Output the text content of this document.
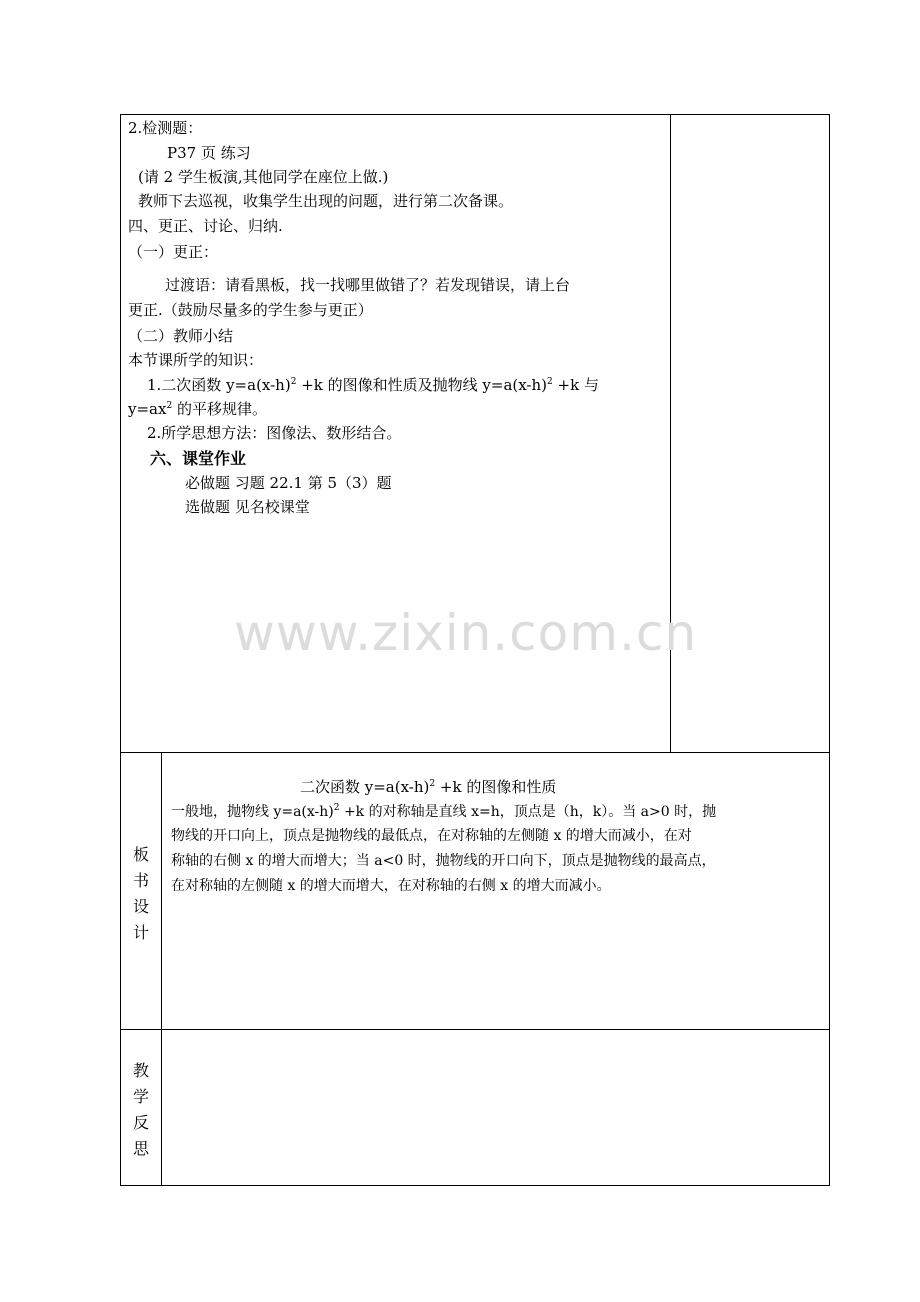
2.检测题：
P37 页 练习
(请 2 学生板演,其他同学在座位上做.)
教师下去巡视，收集学生出现的问题，进行第二次备课。
四、更正、讨论、归纳.
（一）更正：
过渡语：请看黑板，找一找哪里做错了？若发现错误，请上台
更正.（鼓励尽量多的学生参与更正）
（二）教师小结
本节课所学的知识：
1.二次函数 $y=a(x-h)^2 +k$ 的图像和性质及抛物线 $y=a(x-h)^2 +k$ 与
$y=ax^2$ 的平移规律。
2.所学思想方法：图像法、数形结合。
六、课堂作业
必做题 习题 22.1 第 5（3）题
选做题 见名校课堂
板
书
设
计
二次函数 $y=a(x-h)^2 +k$ 的图像和性质
一般地，抛物线 $y=a(x-h)^2 +k$ 的对称轴是直线 x=h，顶点是（h，k）。当 a>0 时，抛
物线的开口向上，顶点是抛物线的最低点，在对称轴的左侧随 x 的增大而减小，在对
称轴的右侧 x 的增大而增大；当 a<0 时，抛物线的开口向下，顶点是抛物线的最高点，
在对称轴的左侧随 x 的增大而增大，在对称轴的右侧 x 的增大而减小。
教
学
反
思
www.zixin.com.cn
